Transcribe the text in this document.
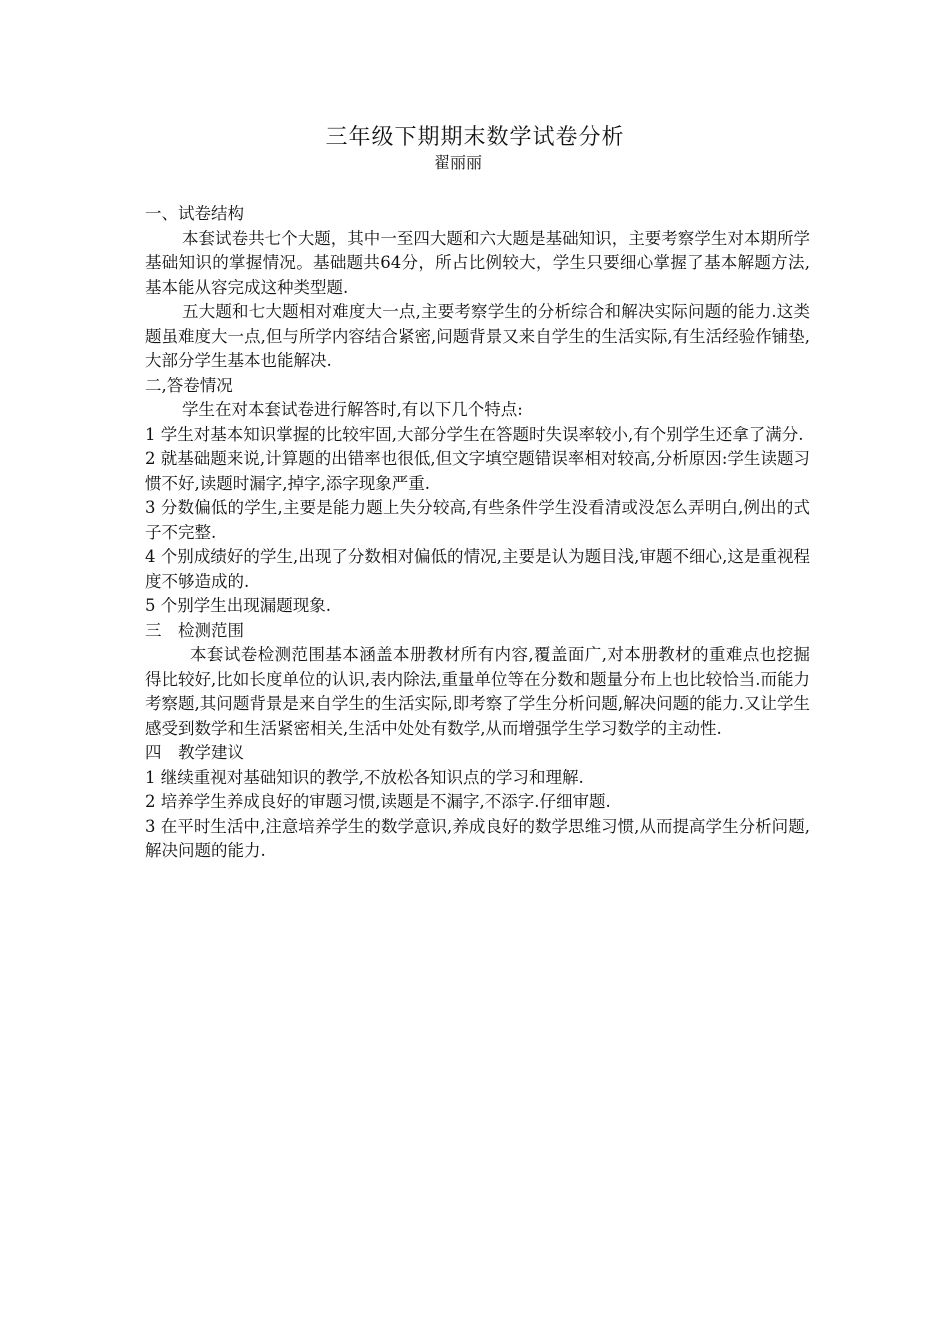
三年级下期期末数学试卷分析
翟丽丽

一、试卷结构

本套试卷共七个大题，其中一至四大题和六大题是基础知识，主要考察学生对本期所学基础知识的掌握情况。基础题共64分，所占比例较大，学生只要细心掌握了基本解题方法,基本能从容完成这种类型题.

五大题和七大题相对难度大一点,主要考察学生的分析综合和解决实际问题的能力.这类题虽难度大一点,但与所学内容结合紧密,问题背景又来自学生的生活实际,有生活经验作铺垫,大部分学生基本也能解决.

二,答卷情况

学生在对本套试卷进行解答时,有以下几个特点:

1 学生对基本知识掌握的比较牢固,大部分学生在答题时失误率较小,有个别学生还拿了满分.

2 就基础题来说,计算题的出错率也很低,但文字填空题错误率相对较高,分析原因:学生读题习惯不好,读题时漏字,掉字,添字现象严重.

3 分数偏低的学生,主要是能力题上失分较高,有些条件学生没看清或没怎么弄明白,例出的式子不完整.

4 个别成绩好的学生,出现了分数相对偏低的情况,主要是认为题目浅,审题不细心,这是重视程度不够造成的.

5 个别学生出现漏题现象.

三　检测范围

本套试卷检测范围基本涵盖本册教材所有内容,覆盖面广,对本册教材的重难点也挖掘得比较好,比如长度单位的认识,表内除法,重量单位等在分数和题量分布上也比较恰当.而能力考察题,其问题背景是来自学生的生活实际,即考察了学生分析问题,解决问题的能力.又让学生感受到数学和生活紧密相关,生活中处处有数学,从而增强学生学习数学的主动性.

四　教学建议

1 继续重视对基础知识的教学,不放松各知识点的学习和理解.

2 培养学生养成良好的审题习惯,读题是不漏字,不添字.仔细审题.

3 在平时生活中,注意培养学生的数学意识,养成良好的数学思维习惯,从而提高学生分析问题,解决问题的能力.
